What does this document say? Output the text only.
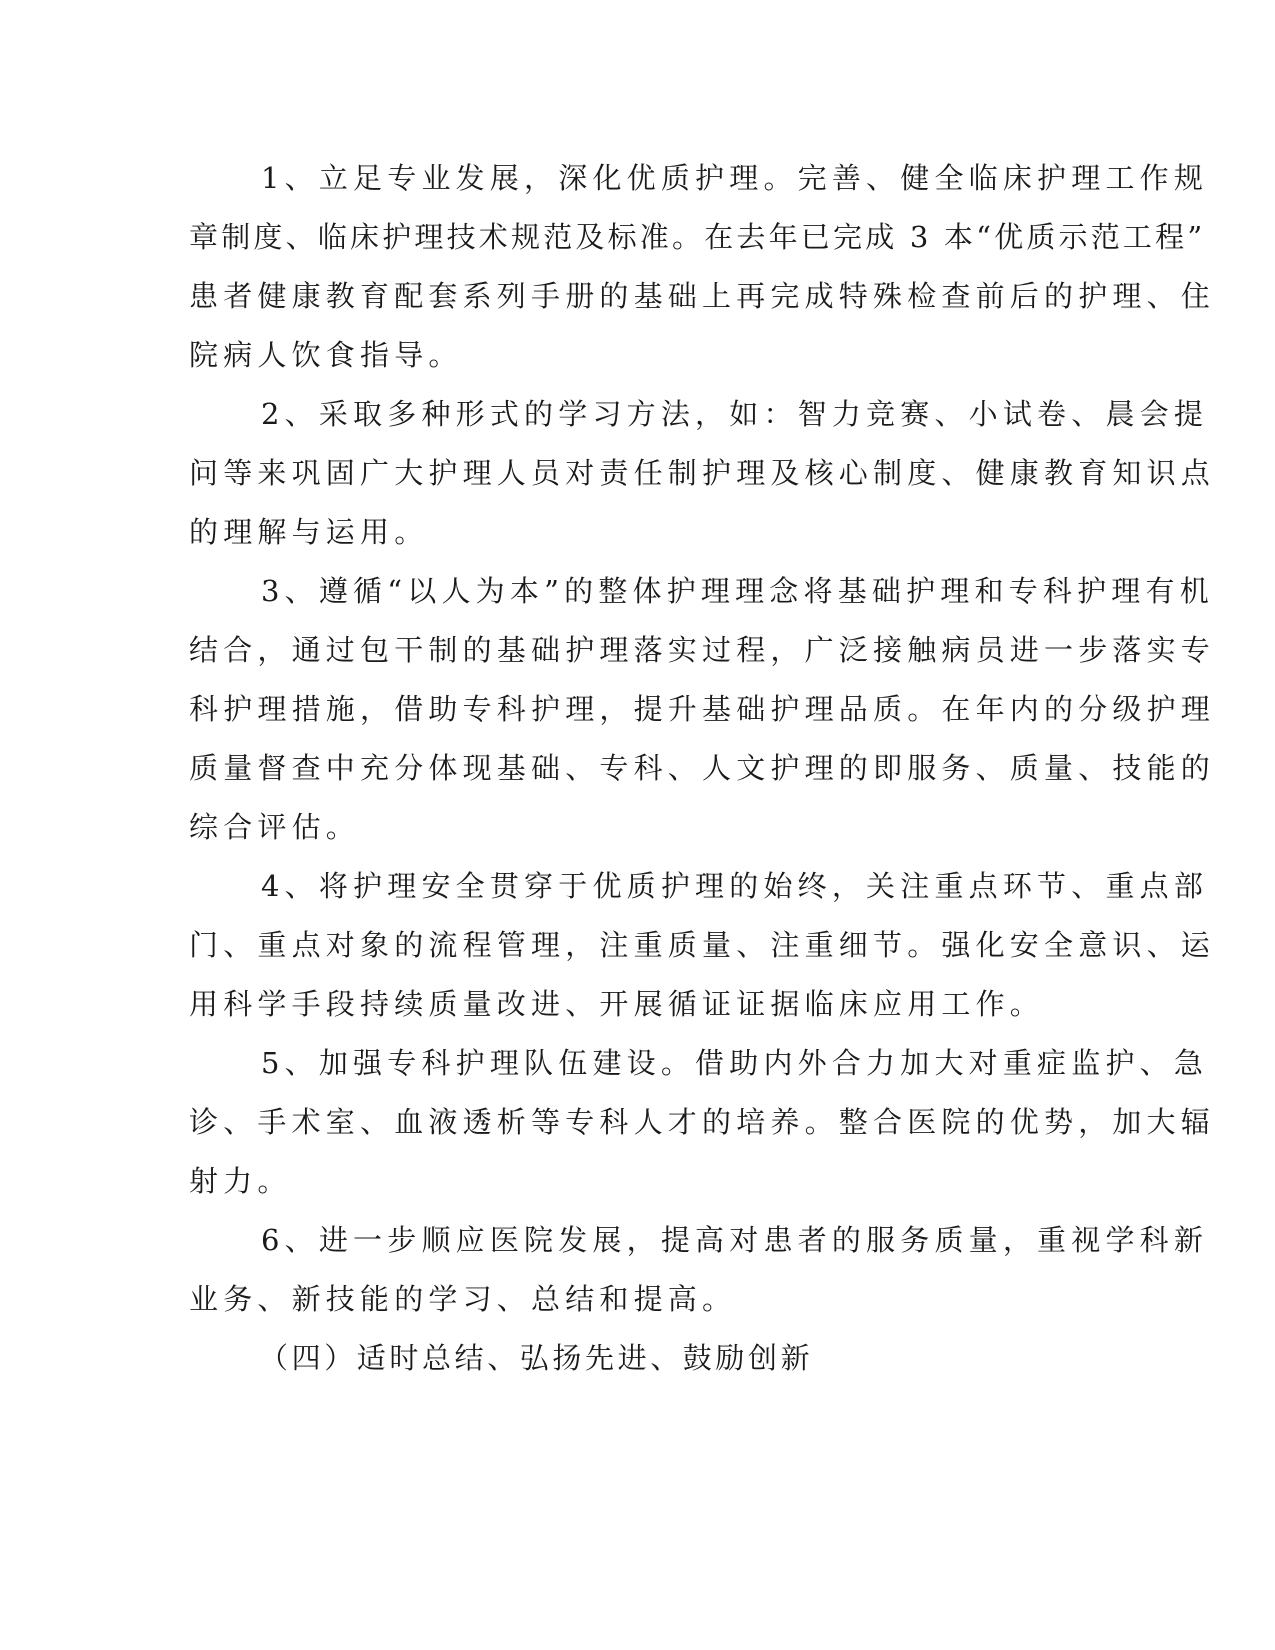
1、立足专业发展，深化优质护理。完善、健全临床护理工作规
章制度、临床护理技术规范及标准。在去年已完成 3 本“优质示范工程”
患者健康教育配套系列手册的基础上再完成特殊检查前后的护理、住
院病人饮食指导。
2、采取多种形式的学习方法，如：智力竞赛、小试卷、晨会提
问等来巩固广大护理人员对责任制护理及核心制度、健康教育知识点
的理解与运用。
3、遵循“以人为本”的整体护理理念将基础护理和专科护理有机
结合，通过包干制的基础护理落实过程，广泛接触病员进一步落实专
科护理措施，借助专科护理，提升基础护理品质。在年内的分级护理
质量督查中充分体现基础、专科、人文护理的即服务、质量、技能的
综合评估。
4、将护理安全贯穿于优质护理的始终，关注重点环节、重点部
门、重点对象的流程管理，注重质量、注重细节。强化安全意识、运
用科学手段持续质量改进、开展循证证据临床应用工作。
5、加强专科护理队伍建设。借助内外合力加大对重症监护、急
诊、手术室、血液透析等专科人才的培养。整合医院的优势，加大辐
射力。
6、进一步顺应医院发展，提高对患者的服务质量，重视学科新
业务、新技能的学习、总结和提高。
（四）适时总结、弘扬先进、鼓励创新
